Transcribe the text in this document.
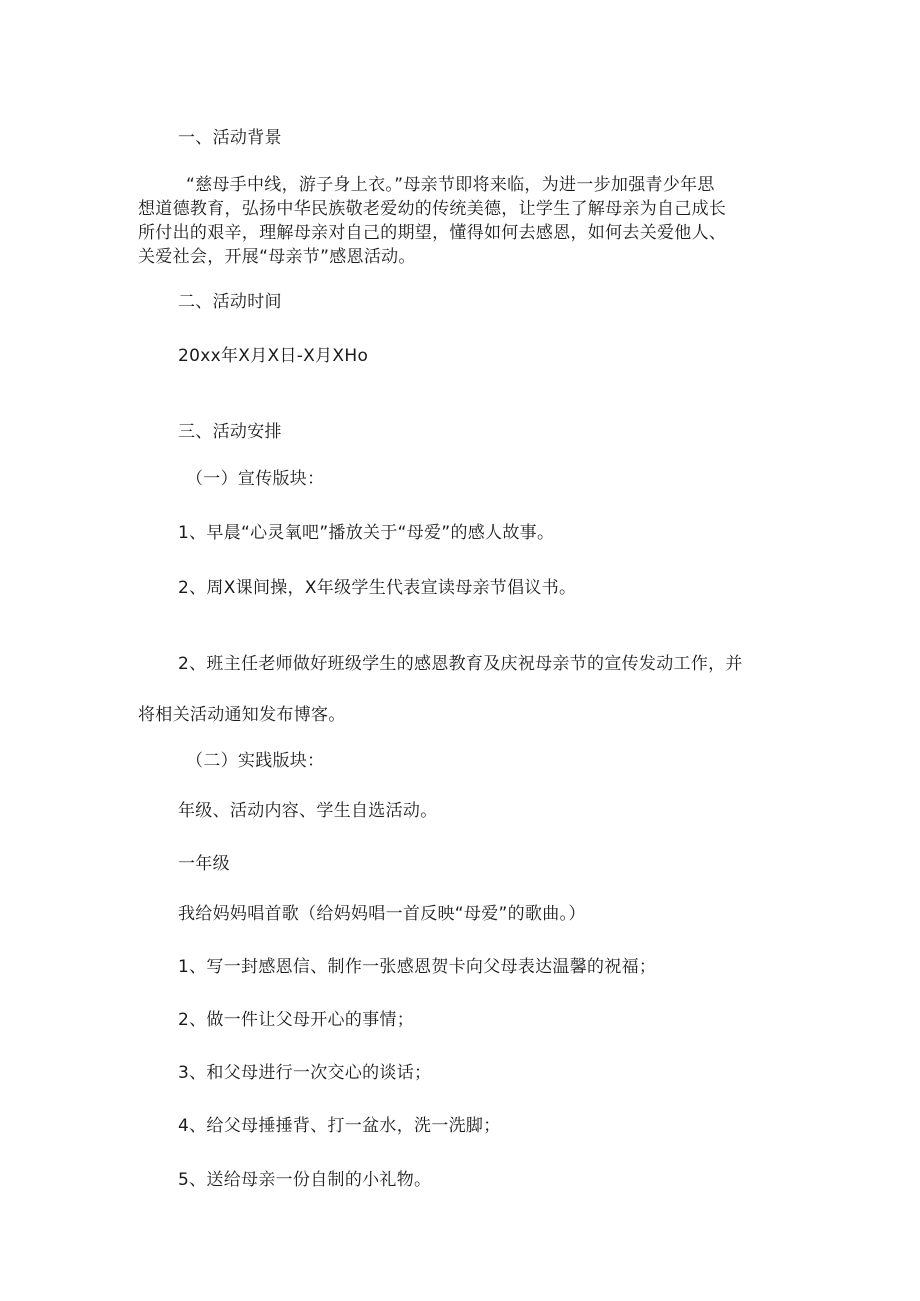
一、活动背景
“慈母手中线，游子身上衣。”母亲节即将来临，为进一步加强青少年思
想道德教育，弘扬中华民族敬老爱幼的传统美德，让学生了解母亲为自己成长
所付出的艰辛，理解母亲对自己的期望，懂得如何去感恩，如何去关爱他人、
关爱社会，开展“母亲节”感恩活动。
二、活动时间
20xx年X月X日-X月XHo
三、活动安排
（一）宣传版块：
1、早晨“心灵氧吧”播放关于“母爱”的感人故事。
2、周X课间操，X年级学生代表宣读母亲节倡议书。
2、班主任老师做好班级学生的感恩教育及庆祝母亲节的宣传发动工作，并
将相关活动通知发布博客。
（二）实践版块：
年级、活动内容、学生自选活动。
一年级
我给妈妈唱首歌（给妈妈唱一首反映“母爱”的歌曲。）
1、写一封感恩信、制作一张感恩贺卡向父母表达温馨的祝福；
2、做一件让父母开心的事情；
3、和父母进行一次交心的谈话；
4、给父母捶捶背、打一盆水，洗一洗脚；
5、送给母亲一份自制的小礼物。
